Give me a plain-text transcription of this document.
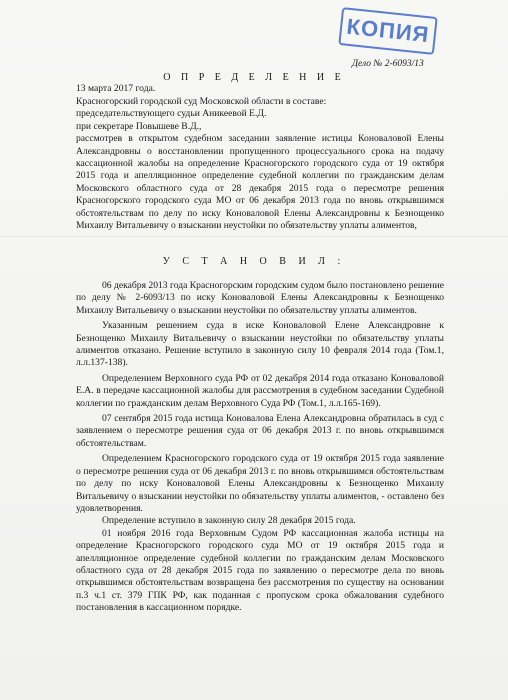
КОПИЯ
Дело № 2-6093/13
О П Р Е Д Е Л Е Н И Е
13 марта 2017 года.

Красногорский городской суд Московской области в составе:

председательствующего судьи Аникеевой Е.Д.

при секретаре Повышеве В.Д.,

рассмотрев в открытом судебном заседании заявление истицы Коноваловой Елены Александровны о восстановлении пропущенного процессуального срока на подачу кассационной жалобы на определение Красногорского городского суда от 19 октября 2015 года и апелляционное определение судебной коллегии по гражданским делам Московского областного суда от 28 декабря 2015 года о пересмотре решения Красногорского городского суда МО от 06 декабря 2013 года по вновь открывшимся обстоятельствам по делу по иску Коноваловой Елены Александровны к Безнощенко Михаилу Витальевичу о взыскании неустойки по обязательству уплаты алиментов,

У С Т А Н О В И Л :

06 декабря 2013 года Красногорским городским судом было постановлено решение по делу № 2-6093/13 по иску Коноваловой Елены Александровны к Безнощенко Михаилу Витальевичу о взыскании неустойки по обязательству уплаты алиментов.

Указанным решением суда в иске Коноваловой Елене Александровне к Безнощенко Михаилу Витальевичу о взыскании неустойки по обязательству уплаты алиментов отказано. Решение вступило в законную силу 10 февраля 2014 года (Том.1, л.л.137-138).

Определением Верховного суда РФ от 02 декабря 2014 года отказано Коноваловой Е.А. в передаче кассационной жалобы для рассмотрения в судебном заседании Судебной коллегии по гражданским делам Верховного Суда РФ (Том.1, л.л.165-169).

07 сентября 2015 года истица Коновалова Елена Александровна обратилась в суд с заявлением о пересмотре решения суда от 06 декабря 2013 г. по вновь открывшимся обстоятельствам.

Определением Красногорского городского суда от 19 октября 2015 года заявление о пересмотре решения суда от 06 декабря 2013 г. по вновь открывшимся обстоятельствам по делу по иску Коноваловой Елены Александровны к Безнощенко Михаилу Витальевичу о взыскании неустойки по обязательству уплаты алиментов, - оставлено без удовлетворения.

Определение вступило в законную силу 28 декабря 2015 года.

01 ноября 2016 года Верховным Судом РФ кассационная жалоба истицы на определение Красногорского городского суда МО от 19 октября 2015 года и апелляционное определение судебной коллегии по гражданским делам Московского областного суда от 28 декабря 2015 года по заявлению о пересмотре дела по вновь открывшимся обстоятельствам возвращена без рассмотрения по существу на основании п.3 ч.1 ст. 379 ГПК РФ, как поданная с пропуском срока обжалования судебного постановления в кассационном порядке.
